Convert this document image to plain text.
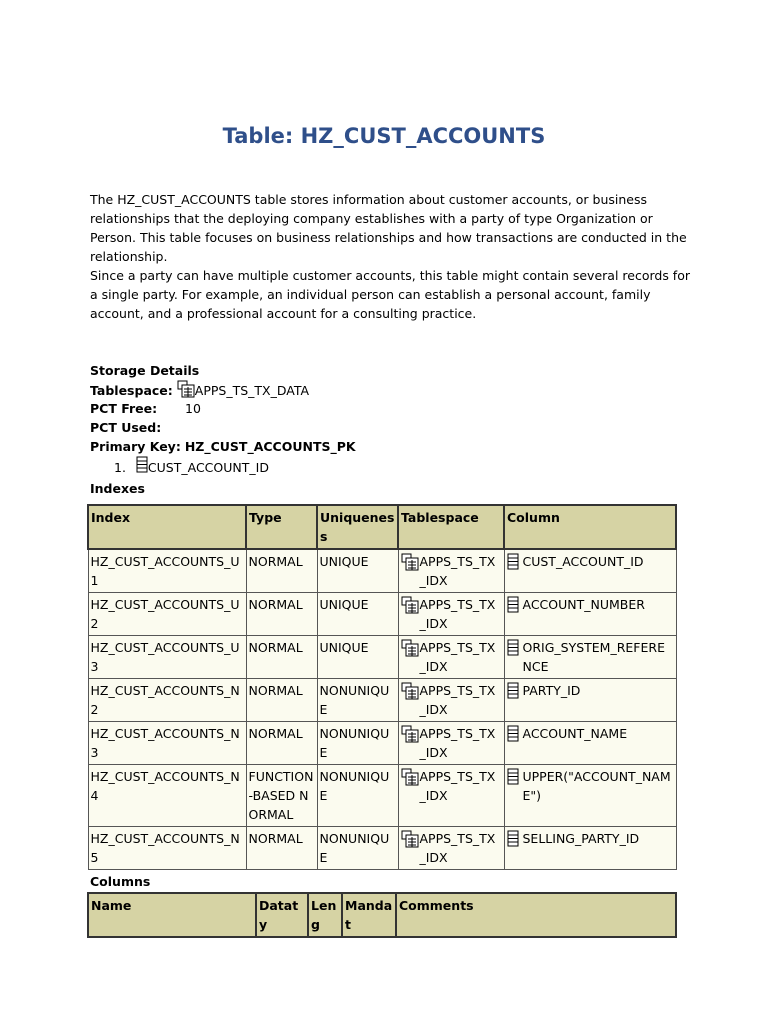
Table: HZ_CUST_ACCOUNTS

The HZ_CUST_ACCOUNTS table stores information about customer accounts, or business relationships that the deploying company establishes with a party of type Organization or Person. This table focuses on business relationships and how transactions are conducted in the relationship.

Since a party can have multiple customer accounts, this table might contain several records for a single party. For example, an individual person can establish a personal account, family account, and a professional account for a consulting practice.

Storage Details
Tablespace: APPS_TS_TX_DATA
PCT Free: 10
PCT Used:
Primary Key: HZ_CUST_ACCOUNTS_PK
1. CUST_ACCOUNT_ID
Indexes
Index	Type	Uniqueness	Tablespace	Column
HZ_CUST_ACCOUNTS_U1	NORMAL	UNIQUE	APPS_TS_TX_IDX	CUST_ACCOUNT_ID

HZ_CUST_ACCOUNTS_U2	NORMAL	UNIQUE	APPS_TS_TX_IDX	ACCOUNT_NUMBER

HZ_CUST_ACCOUNTS_U3	NORMAL	UNIQUE	APPS_TS_TX_IDX	ORIG_SYSTEM_REFERENCE

HZ_CUST_ACCOUNTS_N2	NORMAL	NONUNIQUE	APPS_TS_TX_IDX	PARTY_ID

HZ_CUST_ACCOUNTS_N3	NORMAL	NONUNIQUE	APPS_TS_TX_IDX	ACCOUNT_NAME

HZ_CUST_ACCOUNTS_N4	FUNCTION-BASED NORMAL	NONUNIQUE	APPS_TS_TX_IDX	UPPER("ACCOUNT_NAME")

HZ_CUST_ACCOUNTS_N5	NORMAL	NONUNIQUE	APPS_TS_TX_IDX	SELLING_PARTY_ID
Columns
Name	Dataty	Leng	Mandat	Comments
